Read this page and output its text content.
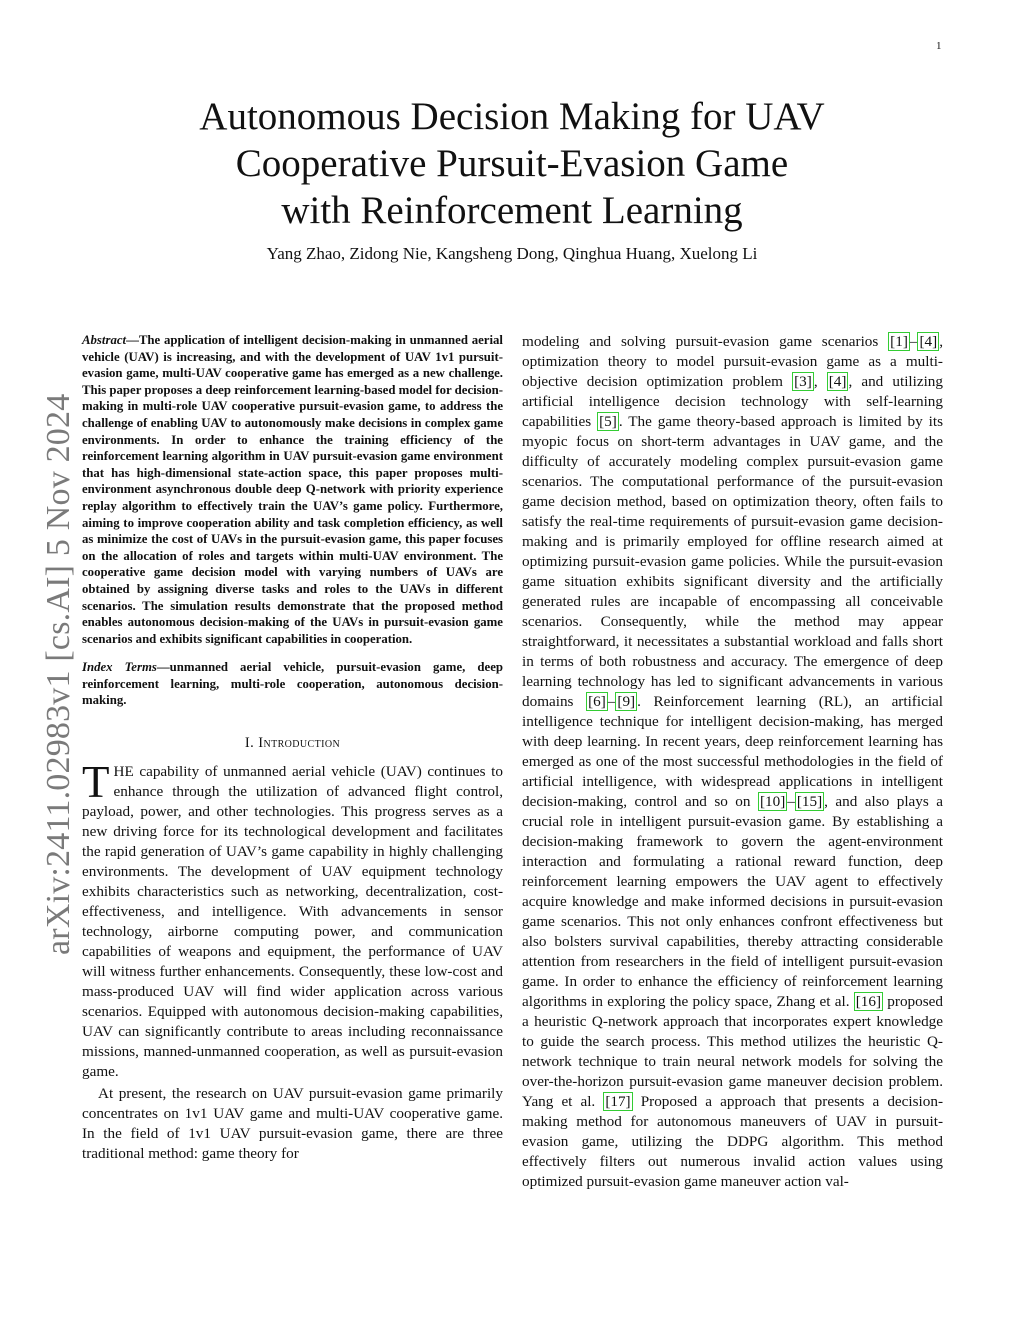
1
arXiv:2411.02983v1 [cs.AI] 5 Nov 2024
Autonomous Decision Making for UAV
Cooperative Pursuit-Evasion Game
with Reinforcement Learning
Yang Zhao, Zidong Nie, Kangsheng Dong, Qinghua Huang, Xuelong Li

Abstract—The application of intelligent decision-making in unmanned aerial vehicle (UAV) is increasing, and with the development of UAV 1v1 pursuit-evasion game, multi-UAV cooperative game has emerged as a new challenge. This paper proposes a deep reinforcement learning-based model for decision-making in multi-role UAV cooperative pursuit-evasion game, to address the challenge of enabling UAV to autonomously make decisions in complex game environments. In order to enhance the training efficiency of the reinforcement learning algorithm in UAV pursuit-evasion game environment that has high-dimensional state-action space, this paper proposes multi-environment asynchronous double deep Q-network with priority experience replay algorithm to effectively train the UAV’s game policy. Furthermore, aiming to improve cooperation ability and task completion efficiency, as well as minimize the cost of UAVs in the pursuit-evasion game, this paper focuses on the allocation of roles and targets within multi-UAV environment. The cooperative game decision model with varying numbers of UAVs are obtained by assigning diverse tasks and roles to the UAVs in different scenarios. The simulation results demonstrate that the proposed method enables autonomous decision-making of the UAVs in pursuit-evasion game scenarios and exhibits significant capabilities in cooperation.

Index Terms—unmanned aerial vehicle, pursuit-evasion game, deep reinforcement learning, multi-role cooperation, autonomous decision-making.

I. Introduction

THE capability of unmanned aerial vehicle (UAV) continues to enhance through the utilization of advanced flight control, payload, power, and other technologies. This progress serves as a new driving force for its technological development and facilitates the rapid generation of UAV’s game capability in highly challenging environments. The development of UAV equipment technology exhibits characteristics such as networking, decentralization, cost-effectiveness, and intelligence. With advancements in sensor technology, airborne computing power, and communication capabilities of weapons and equipment, the performance of UAV will witness further enhancements. Consequently, these low-cost and mass-produced UAV will find wider application across various scenarios. Equipped with autonomous decision-making capabilities, UAV can significantly contribute to areas including reconnaissance missions, manned-unmanned cooperation, as well as pursuit-evasion game.

At present, the research on UAV pursuit-evasion game primarily concentrates on 1v1 UAV game and multi-UAV cooperative game. In the field of 1v1 UAV pursuit-evasion game, there are three traditional method: game theory for

modeling and solving pursuit-evasion game scenarios [1] – [4] , optimization theory to model pursuit-evasion game as a multi-objective decision optimization problem [3] , [4] , and utilizing artificial intelligence decision technology with self-learning capabilities [5] . The game theory-based approach is limited by its myopic focus on short-term advantages in UAV game, and the difficulty of accurately modeling complex pursuit-evasion game scenarios. The computational performance of the pursuit-evasion game decision method, based on optimization theory, often fails to satisfy the real-time requirements of pursuit-evasion game decision-making and is primarily employed for offline research aimed at optimizing pursuit-evasion game policies. While the pursuit-evasion game situation exhibits significant diversity and the artificially generated rules are incapable of encompassing all conceivable scenarios. Consequently, while the method may appear straightforward, it necessitates a substantial workload and falls short in terms of both robustness and accuracy. The emergence of deep learning technology has led to significant advancements in various domains [6] – [9] . Reinforcement learning (RL), an artificial intelligence technique for intelligent decision-making, has merged with deep learning. In recent years, deep reinforcement learning has emerged as one of the most successful methodologies in the field of artificial intelligence, with widespread applications in intelligent decision-making, control and so on [10] – [15] , and also plays a crucial role in intelligent pursuit-evasion game. By establishing a decision-making framework to govern the agent-environment interaction and formulating a rational reward function, deep reinforcement learning empowers the UAV agent to effectively acquire knowledge and make informed decisions in pursuit-evasion game scenarios. This not only enhances confront effectiveness but also bolsters survival capabilities, thereby attracting considerable attention from researchers in the field of intelligent pursuit-evasion game. In order to enhance the efficiency of reinforcement learning algorithms in exploring the policy space, Zhang et al. [16] proposed a heuristic Q-network approach that incorporates expert knowledge to guide the search process. This method utilizes the heuristic Q-network technique to train neural network models for solving the over-the-horizon pursuit-evasion game maneuver decision problem. Yang et al. [17] Proposed a approach that presents a decision-making method for autonomous maneuvers of UAV in pursuit-evasion game, utilizing the DDPG algorithm. This method effectively filters out numerous invalid action values using optimized pursuit-evasion game maneuver action val-
